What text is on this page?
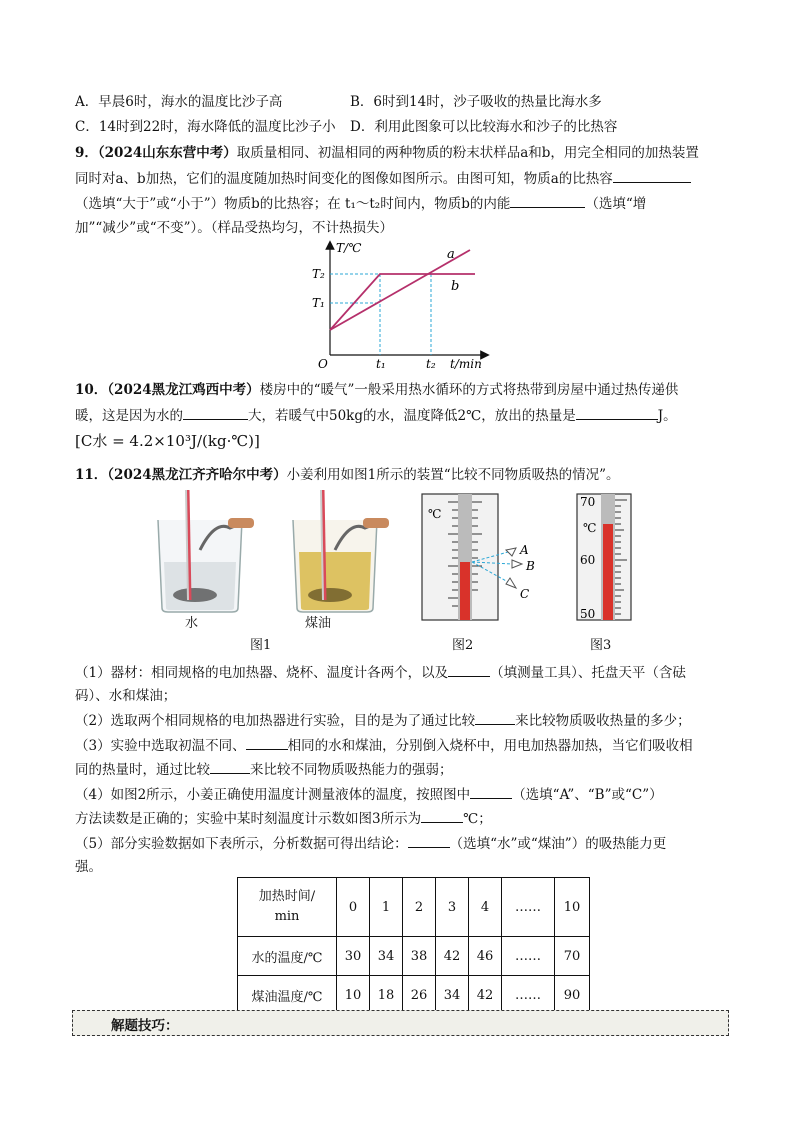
A．早晨6时，海水的温度比沙子高	B．6时到14时，沙子吸收的热量比海水多
C．14时到22时，海水降低的温度比沙子小 D．利用此图象可以比较海水和沙子的比热容
9．（2024山东东营中考）取质量相同、初温相同的两种物质的粉末状样品a和b，用完全相同的加热装置
同时对a、b加热，它们的温度随加热时间变化的图像如图所示。由图可知，物质a的比热容
（选填“大于”或“小于”）物质b的比热容；在 t₁～t₂时间内，物质b的内能	（选填“增
加”“减少”或“不变”）。（样品受热均匀，不计热损失）
T/℃
t/min
O
T₂
T₁
t₁	t₂
a
b
10．（2024黑龙江鸡西中考）楼房中的“暖气”一般采用热水循环的方式将热带到房屋中通过热传递供
暖，这是因为水的	大，若暖气中50kg的水，温度降低2℃，放出的热量是	J。
[C水 = 4.2×10³J/(kg·℃)]
11．（2024黑龙江齐齐哈尔中考）小姜利用如图1所示的装置“比较不同物质吸热的情况”。
水	煤油
℃
A
B
C
70
℃
60
50
图1	图2	图3
（1）器材：相同规格的电加热器、烧杯、温度计各两个，以及	（填测量工具）、托盘天平（含砝
码）、水和煤油；
（2）选取两个相同规格的电加热器进行实验，目的是为了通过比较	来比较物质吸收热量的多少；
（3）实验中选取初温不同、	相同的水和煤油，分别倒入烧杯中，用电加热器加热，当它们吸收相
同的热量时，通过比较	来比较不同物质吸热能力的强弱；
（4）如图2所示，小姜正确使用温度计测量液体的温度，按照图中	（选填“A”、“B”或“C”）
方法读数是正确的；实验中某时刻温度计示数如图3所示为	℃；
（5）部分实验数据如下表所示，分析数据可得出结论：	（选填“水”或“煤油”）的吸热能力更
强。
加热时间/
min	0	1	2	3	4	……	10
水的温度/℃	30	34	38	42	46	……	70
煤油温度/℃	10	18	26	34	42	……	90
解题技巧：
